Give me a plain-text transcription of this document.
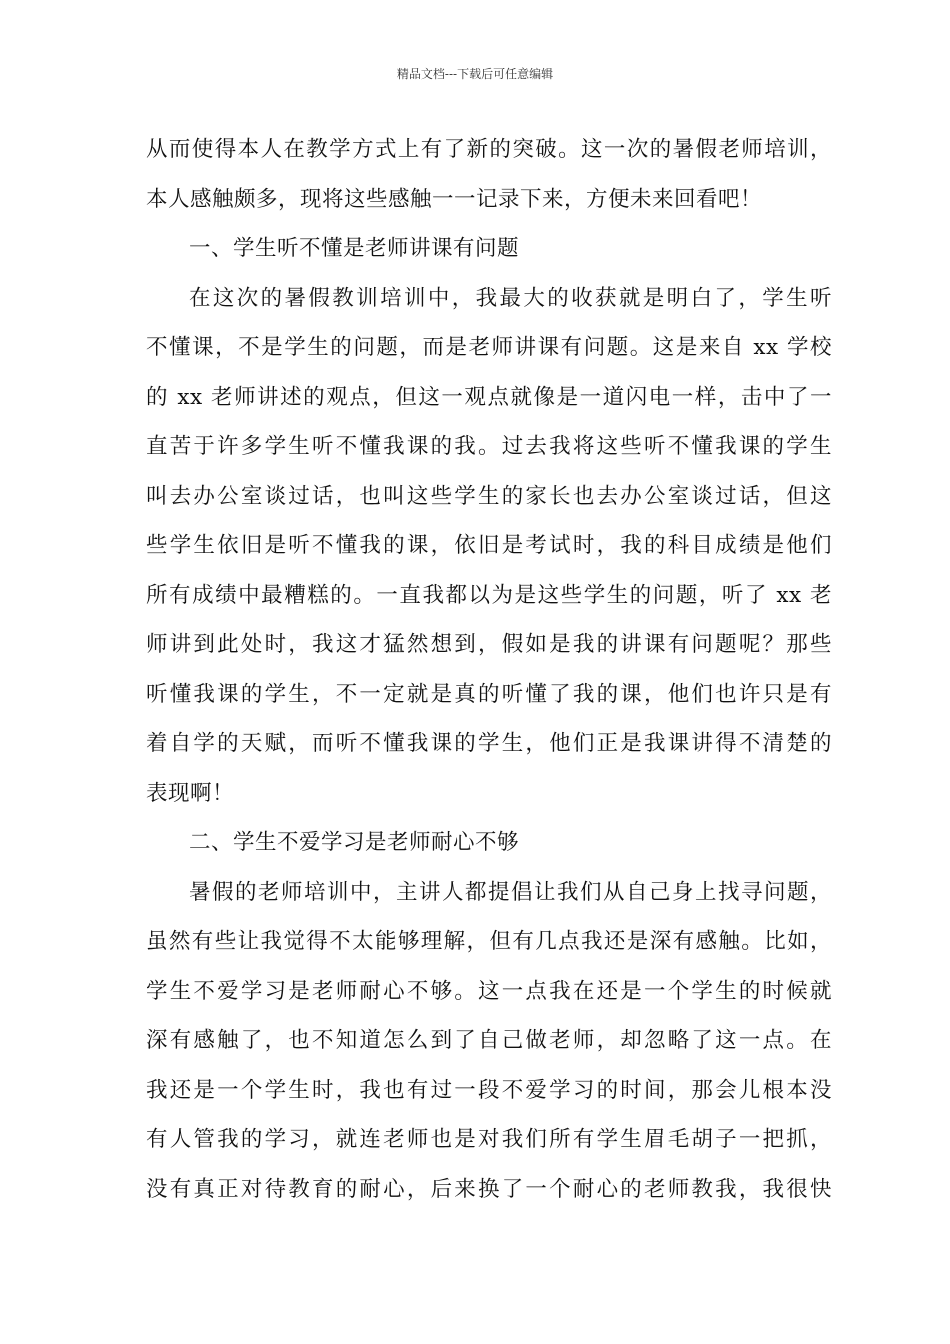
精品文档---下载后可任意编辑
从而使得本人在教学方式上有了新的突破。这一次的暑假老师培训，
本人感触颇多，现将这些感触一一记录下来，方便未来回看吧！
一、学生听不懂是老师讲课有问题
在这次的暑假教训培训中，我最大的收获就是明白了，学生听
不懂课，不是学生的问题，而是老师讲课有问题。这是来自 xx 学校
的 xx 老师讲述的观点，但这一观点就像是一道闪电一样，击中了一
直苦于许多学生听不懂我课的我。过去我将这些听不懂我课的学生
叫去办公室谈过话，也叫这些学生的家长也去办公室谈过话，但这
些学生依旧是听不懂我的课，依旧是考试时，我的科目成绩是他们
所有成绩中最糟糕的。一直我都以为是这些学生的问题，听了 xx 老
师讲到此处时，我这才猛然想到，假如是我的讲课有问题呢？那些
听懂我课的学生，不一定就是真的听懂了我的课，他们也许只是有
着自学的天赋，而听不懂我课的学生，他们正是我课讲得不清楚的
表现啊！
二、学生不爱学习是老师耐心不够
暑假的老师培训中，主讲人都提倡让我们从自己身上找寻问题，
虽然有些让我觉得不太能够理解，但有几点我还是深有感触。比如，
学生不爱学习是老师耐心不够。这一点我在还是一个学生的时候就
深有感触了，也不知道怎么到了自己做老师，却忽略了这一点。在
我还是一个学生时，我也有过一段不爱学习的时间，那会儿根本没
有人管我的学习，就连老师也是对我们所有学生眉毛胡子一把抓，
没有真正对待教育的耐心，后来换了一个耐心的老师教我，我很快
